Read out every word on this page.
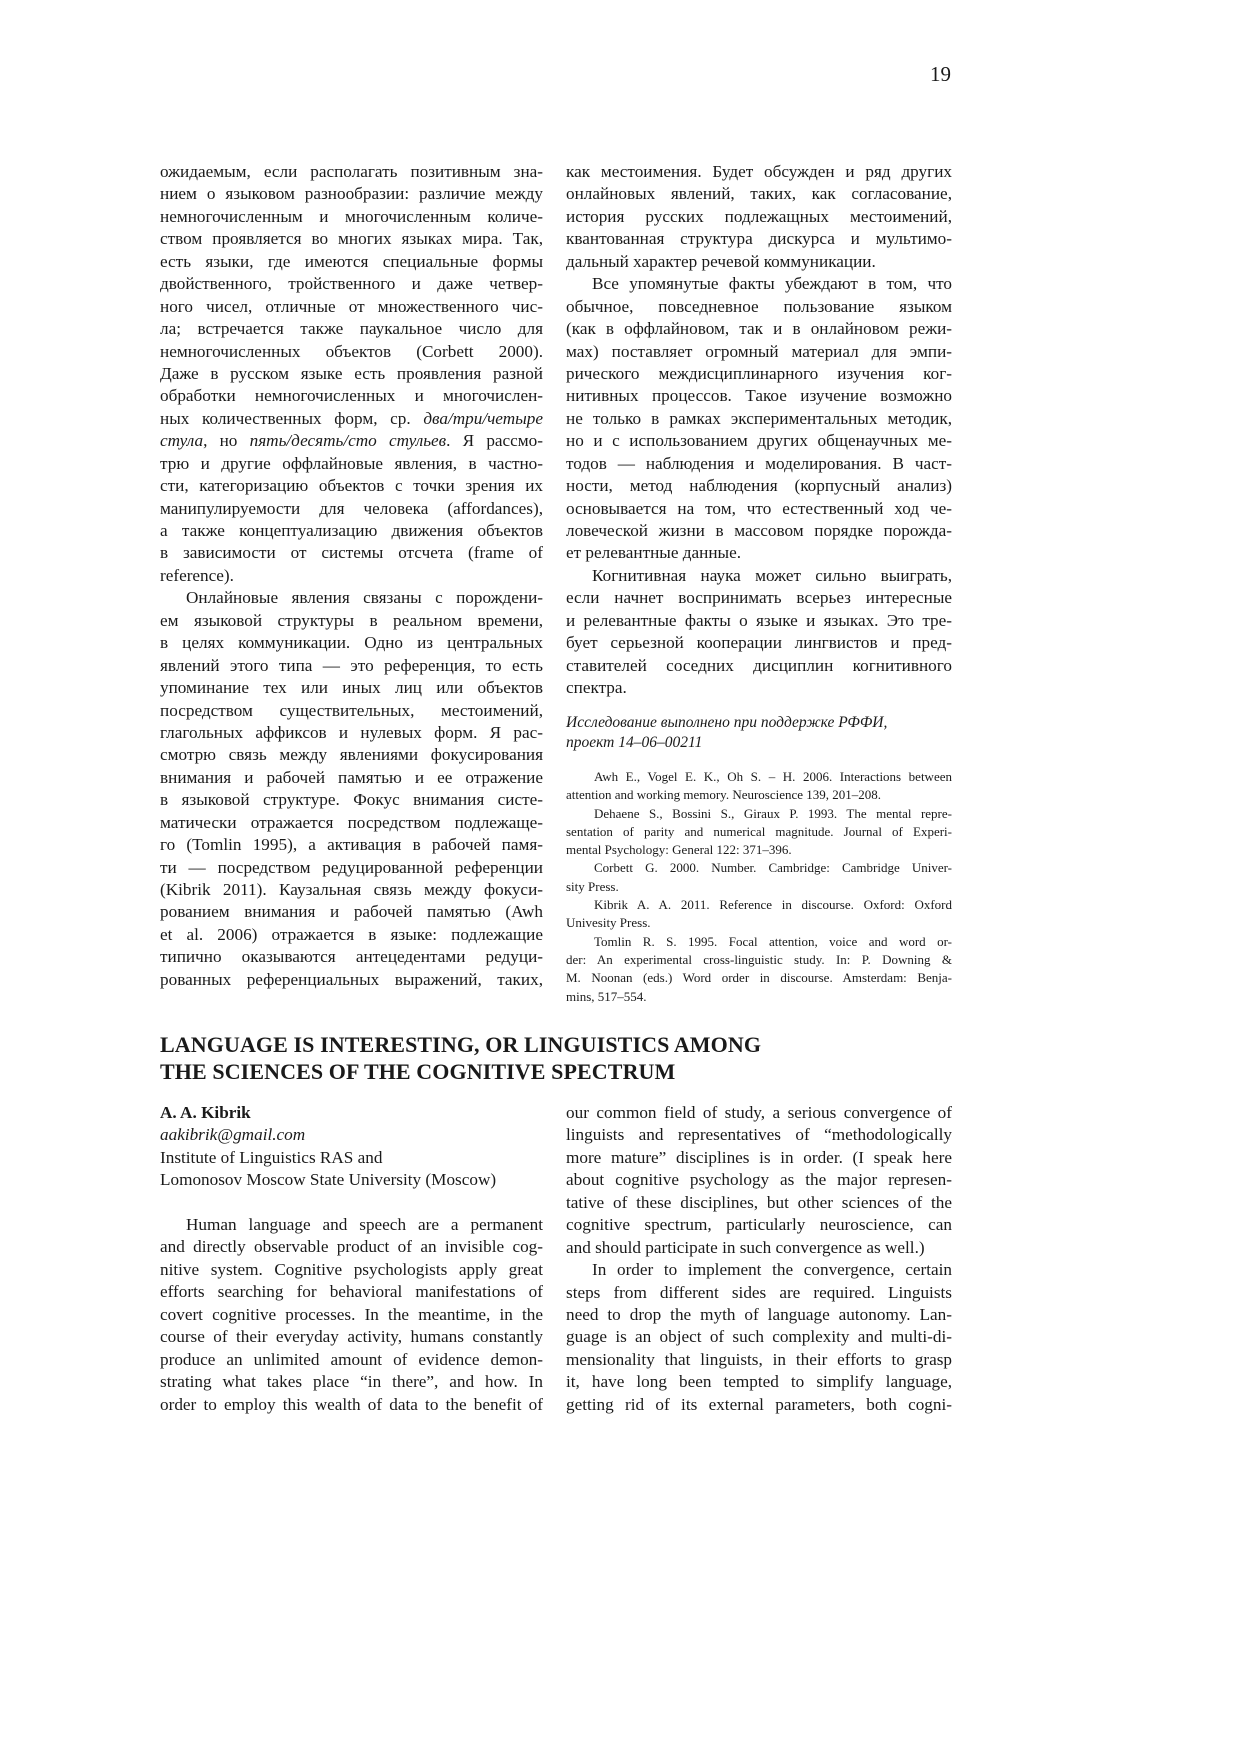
19
ожидаемым, если располагать позитивным зна-
нием о языковом разнообразии: различие между
немногочисленным и многочисленным количе-
ством проявляется во многих языках мира. Так,
есть языки, где имеются специальные формы
двойственного, тройственного и даже четвер-
ного чисел, отличные от множественного чис-
ла; встречается также паукальное число для
немногочисленных объектов (Corbett 2000).
Даже в русском языке есть проявления разной
обработки немногочисленных и многочислен-
ных количественных форм, ср. два/три/четыре
стула, но пять/десять/сто стульев. Я рассмо-
трю и другие оффлайновые явления, в частно-
сти, категоризацию объектов с точки зрения их
манипулируемости для человека (affordances),
а также концептуализацию движения объектов
в зависимости от системы отсчета (frame of
reference).
Онлайновые явления связаны с порождени-
ем языковой структуры в реальном времени,
в целях коммуникации. Одно из центральных
явлений этого типа — это референция, то есть
упоминание тех или иных лиц или объектов
посредством существительных, местоимений,
глагольных аффиксов и нулевых форм. Я рас-
смотрю связь между явлениями фокусирования
внимания и рабочей памятью и ее отражение
в языковой структуре. Фокус внимания систе-
матически отражается посредством подлежаще-
го (Tomlin 1995), а активация в рабочей памя-
ти — посредством редуцированной референции
(Kibrik 2011). Каузальная связь между фокуси-
рованием внимания и рабочей памятью (Awh
et al. 2006) отражается в языке: подлежащие
типично оказываются антецедентами редуци-
рованных референциальных выражений, таких,
как местоимения. Будет обсужден и ряд других
онлайновых явлений, таких, как согласование,
история русских подлежащных местоимений,
квантованная структура дискурса и мультимо-
дальный характер речевой коммуникации.
Все упомянутые факты убеждают в том, что
обычное, повседневное пользование языком
(как в оффлайновом, так и в онлайновом режи-
мах) поставляет огромный материал для эмпи-
рического междисциплинарного изучения ког-
нитивных процессов. Такое изучение возможно
не только в рамках экспериментальных методик,
но и с использованием других общенаучных ме-
тодов — наблюдения и моделирования. В част-
ности, метод наблюдения (корпусный анализ)
основывается на том, что естественный ход че-
ловеческой жизни в массовом порядке порожда-
ет релевантные данные.
Когнитивная наука может сильно выиграть,
если начнет воспринимать всерьез интересные
и релевантные факты о языке и языках. Это тре-
бует серьезной кооперации лингвистов и пред-
ставителей соседних дисциплин когнитивного
спектра.
Исследование выполнено при поддержке РФФИ,
проект 14–06–00211
Awh E., Vogel E. K., Oh S. – H. 2006. Interactions between
attention and working memory. Neuroscience 139, 201–208.
Dehaene S., Bossini S., Giraux P. 1993. The mental repre-
sentation of parity and numerical magnitude. Journal of Experi-
mental Psychology: General 122: 371–396.
Corbett G. 2000. Number. Cambridge: Cambridge Univer-
sity Press.
Kibrik A. A. 2011. Reference in discourse. Oxford: Oxford
Univesity Press.
Tomlin R. S. 1995. Focal attention, voice and word or-
der: An experimental cross-linguistic study. In: P. Downing &
M. Noonan (eds.) Word order in discourse. Amsterdam: Benja-
mins, 517–554.
LANGUAGE IS INTERESTING, OR LINGUISTICS AMONG
THE SCIENCES OF THE COGNITIVE SPECTRUM
A. A. Kibrik
aakibrik@gmail.com
Institute of Linguistics RAS and
Lomonosov Moscow State University (Moscow)
Human language and speech are a permanent
and directly observable product of an invisible cog-
nitive system. Cognitive psychologists apply great
efforts searching for behavioral manifestations of
covert cognitive processes. In the meantime, in the
course of their everyday activity, humans constantly
produce an unlimited amount of evidence demon-
strating what takes place “in there”, and how. In
order to employ this wealth of data to the benefit of
our common field of study, a serious convergence of
linguists and representatives of “methodologically
more mature” disciplines is in order. (I speak here
about cognitive psychology as the major represen-
tative of these disciplines, but other sciences of the
cognitive spectrum, particularly neuroscience, can
and should participate in such convergence as well.)
In order to implement the convergence, certain
steps from different sides are required. Linguists
need to drop the myth of language autonomy. Lan-
guage is an object of such complexity and multi-di-
mensionality that linguists, in their efforts to grasp
it, have long been tempted to simplify language,
getting rid of its external parameters, both cogni-
